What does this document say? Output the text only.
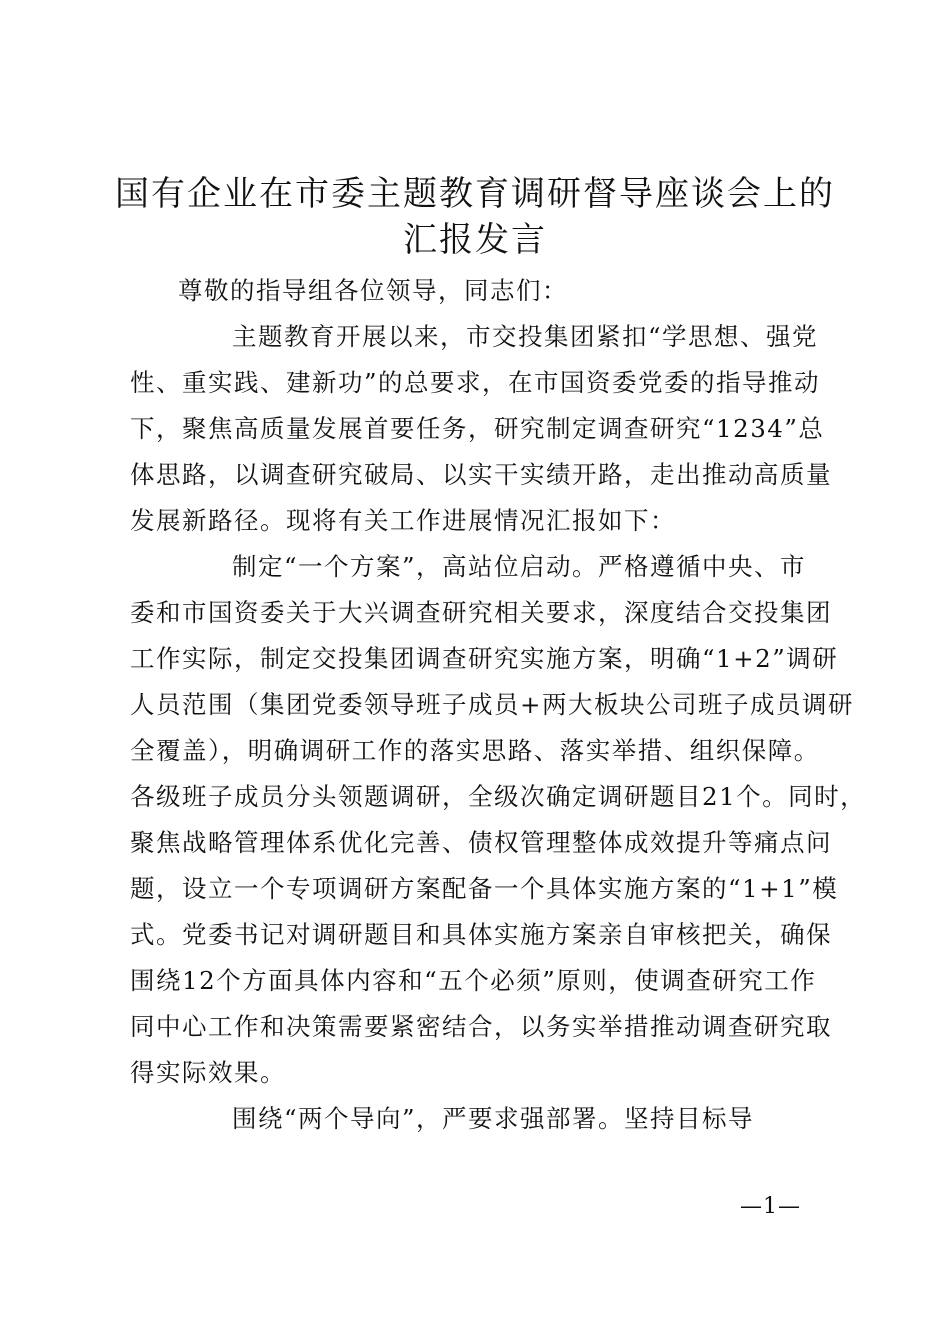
国有企业在市委主题教育调研督导座谈会上的
汇报发言

尊敬的指导组各位领导，同志们：

主题教育开展以来，市交投集团紧扣“学思想、强党

性、重实践、建新功”的总要求，在市国资委党委的指导推动

下，聚焦高质量发展首要任务，研究制定调查研究“1234”总

体思路，以调查研究破局、以实干实绩开路，走出推动高质量

发展新路径。现将有关工作进展情况汇报如下：

制定“一个方案”，高站位启动。严格遵循中央、市

委和市国资委关于大兴调查研究相关要求，深度结合交投集团

工作实际，制定交投集团调查研究实施方案，明确“1+2”调研

人员范围（集团党委领导班子成员+两大板块公司班子成员调研

全覆盖），明确调研工作的落实思路、落实举措、组织保障。

各级班子成员分头领题调研，全级次确定调研题目21个。同时，

聚焦战略管理体系优化完善、债权管理整体成效提升等痛点问

题，设立一个专项调研方案配备一个具体实施方案的“1+1”模

式。党委书记对调研题目和具体实施方案亲自审核把关，确保

围绕12个方面具体内容和“五个必须”原则，使调查研究工作

同中心工作和决策需要紧密结合，以务实举措推动调查研究取

得实际效果。

围绕“两个导向”，严要求强部署。坚持目标导

—1—
